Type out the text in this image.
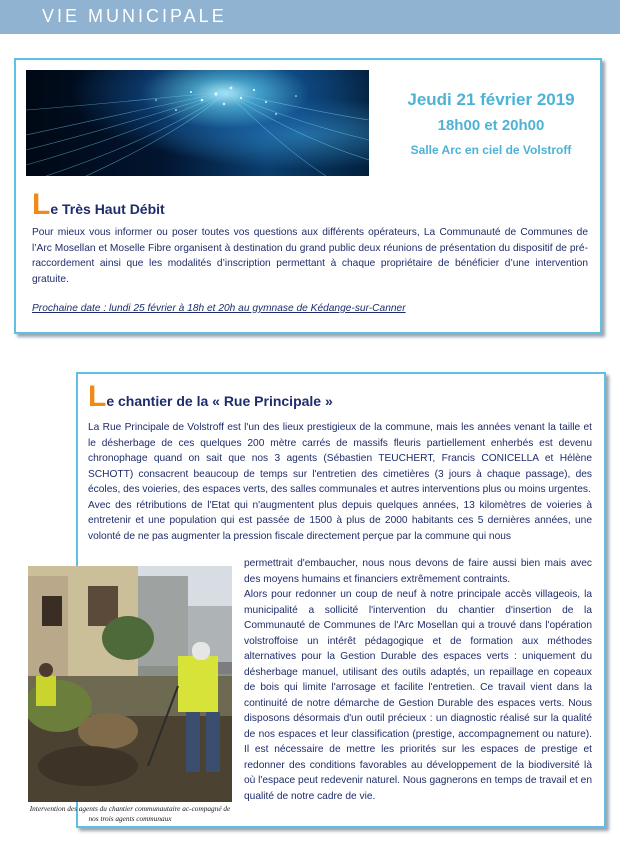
VIE MUNICIPALE
Jeudi 21 février 2019
18h00 et 20h00
Salle Arc en ciel de Volstroff
Le Très Haut Débit
Pour mieux vous informer ou poser toutes vos questions aux différents opérateurs, La Communauté de Communes de l’Arc Mosellan et Moselle Fibre organisent à destination du grand public deux réunions de présentation du dispositif de pré-raccordement ainsi que les modalités d’inscription permettant à chaque propriétaire de bénéficier d’une intervention gratuite.
Prochaine date : lundi 25 février à 18h et 20h au gymnase de Kédange-sur-Canner
Le chantier de la « Rue Principale »

La Rue Principale de Volstroff est l'un des lieux prestigieux de la commune, mais les années venant la taille et le désherbage de ces quelques 200 mètre carrés de massifs fleuris partiellement enherbés est devenu chronophage quand on sait que nos 3 agents (Sébastien TEUCHERT, Francis CONICELLA et Hélène SCHOTT) consacrent beaucoup de temps sur l'entretien des cimetières (3 jours à chaque passage), des écoles, des voieries, des espaces verts, des salles communales et autres interventions plus ou moins urgentes.

Avec des rétributions de l'Etat qui n'augmentent plus depuis quelques années, 13 kilomètres de voieries à entretenir et une population qui est passée de 1500 à plus de 2000 habitants ces 5 dernières années, une volonté de ne pas augmenter la pression fiscale directement perçue par la commune qui nous

permettrait d'embaucher, nous nous devons de faire aussi bien mais avec des moyens humains et financiers extrêmement contraints.

Alors pour redonner un coup de neuf à notre principale accès villageois, la municipalité a sollicité l'intervention du chantier d'insertion de la Communauté de Communes de l'Arc Mosellan qui a trouvé dans l'opération volstroffoise un intérêt pédagogique et de formation aux méthodes alternatives pour la Gestion Durable des espaces verts : uniquement du désherbage manuel, utilisant des outils adaptés, un repaillage en copeaux de bois qui limite l'arrosage et facilite l'entretien. Ce travail vient dans la continuité de notre démarche de Gestion Durable des espaces verts. Nous disposons désormais d'un outil précieux : un diagnostic réalisé sur la qualité de nos espaces et leur classification (prestige, accompagnement ou nature). Il est nécessaire de mettre les priorités sur les espaces de prestige et redonner des conditions favorables au développement de la biodiversité là où l'espace peut redevenir naturel. Nous gagnerons en temps de travail et en qualité de notre cadre de vie.

Intervention des agents du chantier communautaire ac-compagné de nos trois agents communaux
